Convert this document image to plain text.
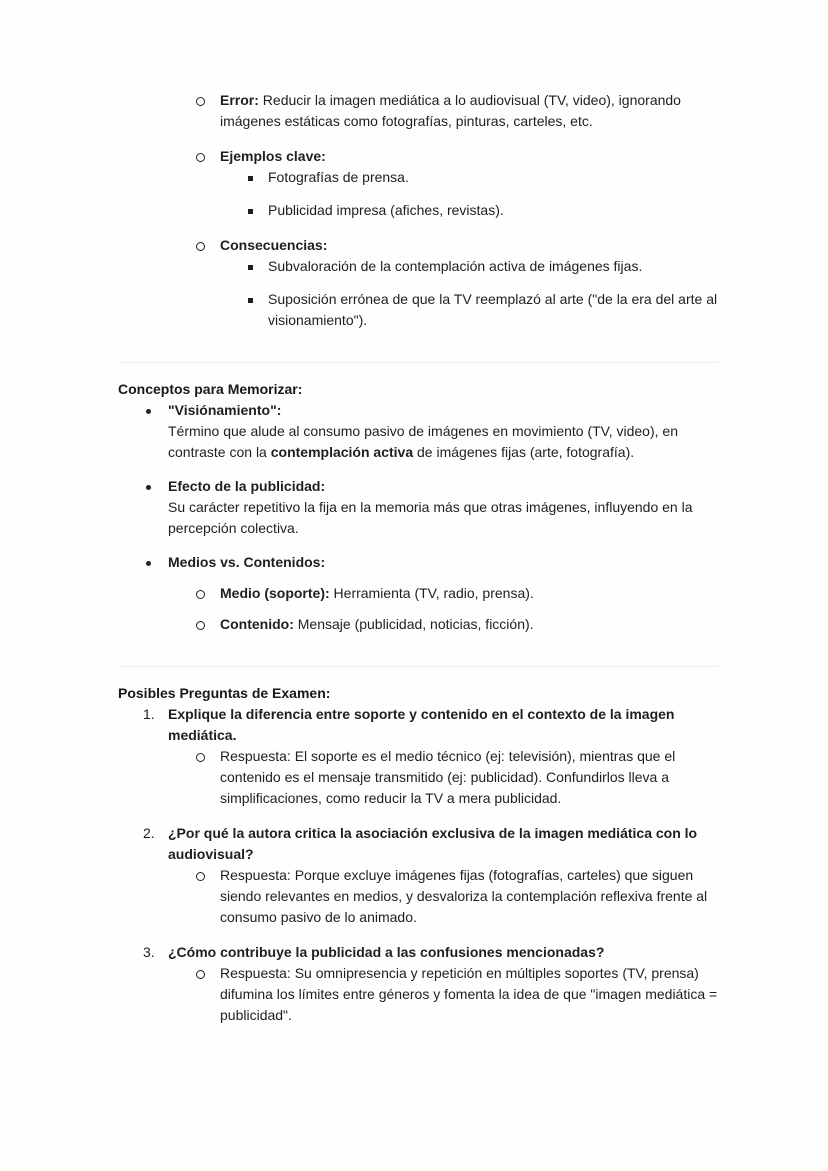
Error: Reducir la imagen mediática a lo audiovisual (TV, video), ignorando imágenes estáticas como fotografías, pinturas, carteles, etc.
Ejemplos clave:
Fotografías de prensa.
Publicidad impresa (afiches, revistas).
Consecuencias:
Subvaloración de la contemplación activa de imágenes fijas.
Suposición errónea de que la TV reemplazó al arte ("de la era del arte al visionamiento").
Conceptos para Memorizar:
"Visiónamiento":
Término que alude al consumo pasivo de imágenes en movimiento (TV, video), en contraste con la contemplación activa de imágenes fijas (arte, fotografía).
Efecto de la publicidad:
Su carácter repetitivo la fija en la memoria más que otras imágenes, influyendo en la percepción colectiva.
Medios vs. Contenidos:
Medio (soporte): Herramienta (TV, radio, prensa).
Contenido: Mensaje (publicidad, noticias, ficción).
Posibles Preguntas de Examen:
1. Explique la diferencia entre soporte y contenido en el contexto de la imagen mediática.
Respuesta: El soporte es el medio técnico (ej: televisión), mientras que el contenido es el mensaje transmitido (ej: publicidad). Confundirlos lleva a simplificaciones, como reducir la TV a mera publicidad.
2. ¿Por qué la autora critica la asociación exclusiva de la imagen mediática con lo audiovisual?
Respuesta: Porque excluye imágenes fijas (fotografías, carteles) que siguen siendo relevantes en medios, y desvaloriza la contemplación reflexiva frente al consumo pasivo de lo animado.
3. ¿Cómo contribuye la publicidad a las confusiones mencionadas?
Respuesta: Su omnipresencia y repetición en múltiples soportes (TV, prensa) difumina los límites entre géneros y fomenta la idea de que "imagen mediática = publicidad".
